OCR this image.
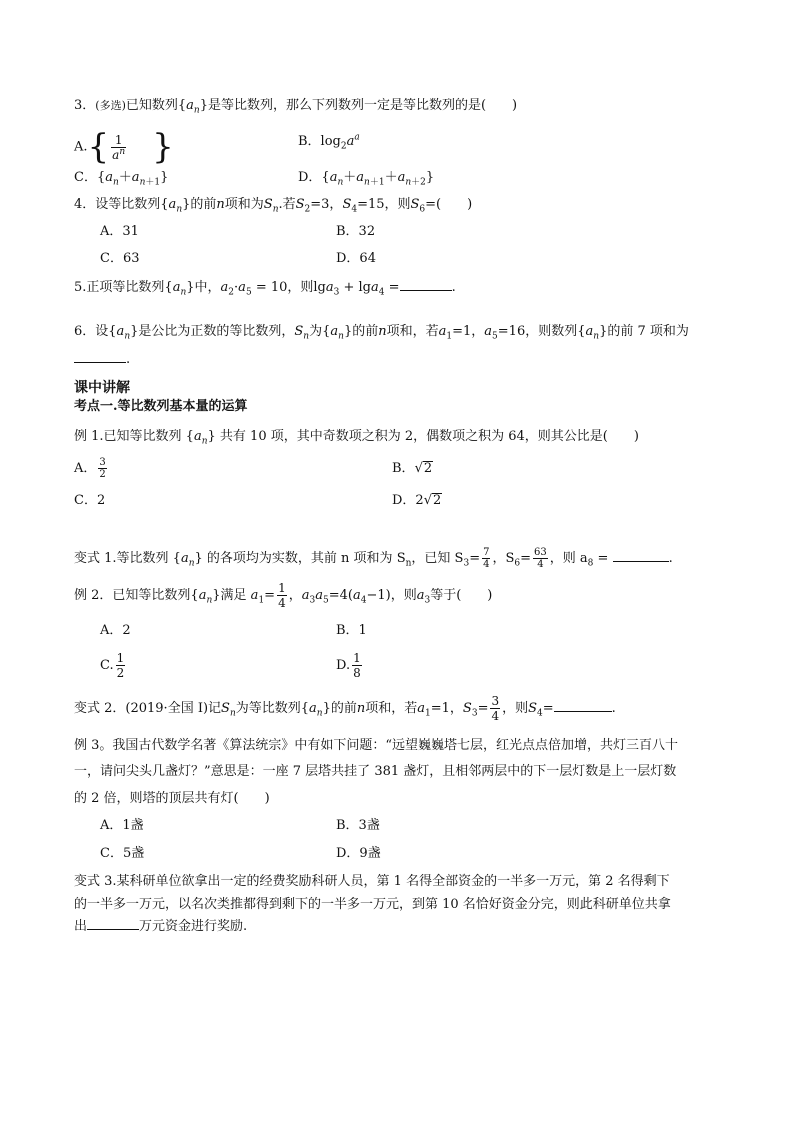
3．(多选)已知数列$\{a_n\}$是等比数列，那么下列数列一定是等比数列的是(　　)
$A.\{ \frac{1}{a^n}$ }	B．$\log_2a^a$
C．$\{a_n+a_{n+1}\}$	D．$\{a_n+a_{n+1}+a_{n+2}\}$
4．设等比数列$\{a_n\}$的前n项和为$S_n$.若$S_2=3$，$S_4=15$，则$S_6=$(　　)
A．31	B．32
C．63	D．64
5.正项等比数列$\{a_n\}$中，$a_2\cdot a_5 = 10$，则lga$_3$ + lga$_4$ =	.
6．设$\{a_n\}$是公比为正数的等比数列，$S_n$为$\{a_n\}$的前n项和，若$a_1=1$，$a_5=16$，则数列$\{a_n\}$的前 7 项和为
.
课中讲解
考点一.等比数列基本量的运算
例 1.已知等比数列 $\{a_n\}$ 共有 10 项，其中奇数项之积为 2，偶数项之积为 64，则其公比是(　　)
A． $\frac{3}{2}$	B．√2
C．2	D．2√2
变式 1.等比数列 $\{a_n\}$ 的各项均为实数，其前 n 项和为 $S_n$，已知 $S_3= \frac{7}{4}$ ，$S_6= \frac{63}{4}$ ，则 $a_8$ =	.
例 2．已知等比数列$\{a_n\}$满足 $a_1= \frac{1}{4}$ ，$a_3a_5=4(a_4-1)$，则$a_3$等于(　　)
A．2	B．1
C. $\frac{1}{2}$	D. $\frac{1}{8}$
变式 2．(2019·全国 Ⅰ)记$S_n$为等比数列$\{a_n\}$的前n项和，若$a_1=1$，$S_3= \frac{3}{4}$ ，则$S_4=$	.
例 3。我国古代数学名著《算法统宗》中有如下问题：“远望巍巍塔七层，红光点点倍加增，共灯三百八十
一，请问尖头几盏灯？”意思是：一座 7 层塔共挂了 381 盏灯，且相邻两层中的下一层灯数是上一层灯数
的 2 倍，则塔的顶层共有灯(　　)
A．1盏	B．3盏
C．5盏	D．9盏
变式 3.某科研单位欲拿出一定的经费奖励科研人员，第 1 名得全部资金的一半多一万元，第 2 名得剩下
的一半多一万元，以名次类推都得到剩下的一半多一万元，到第 10 名恰好资金分完，则此科研单位共拿
出	万元资金进行奖励.
